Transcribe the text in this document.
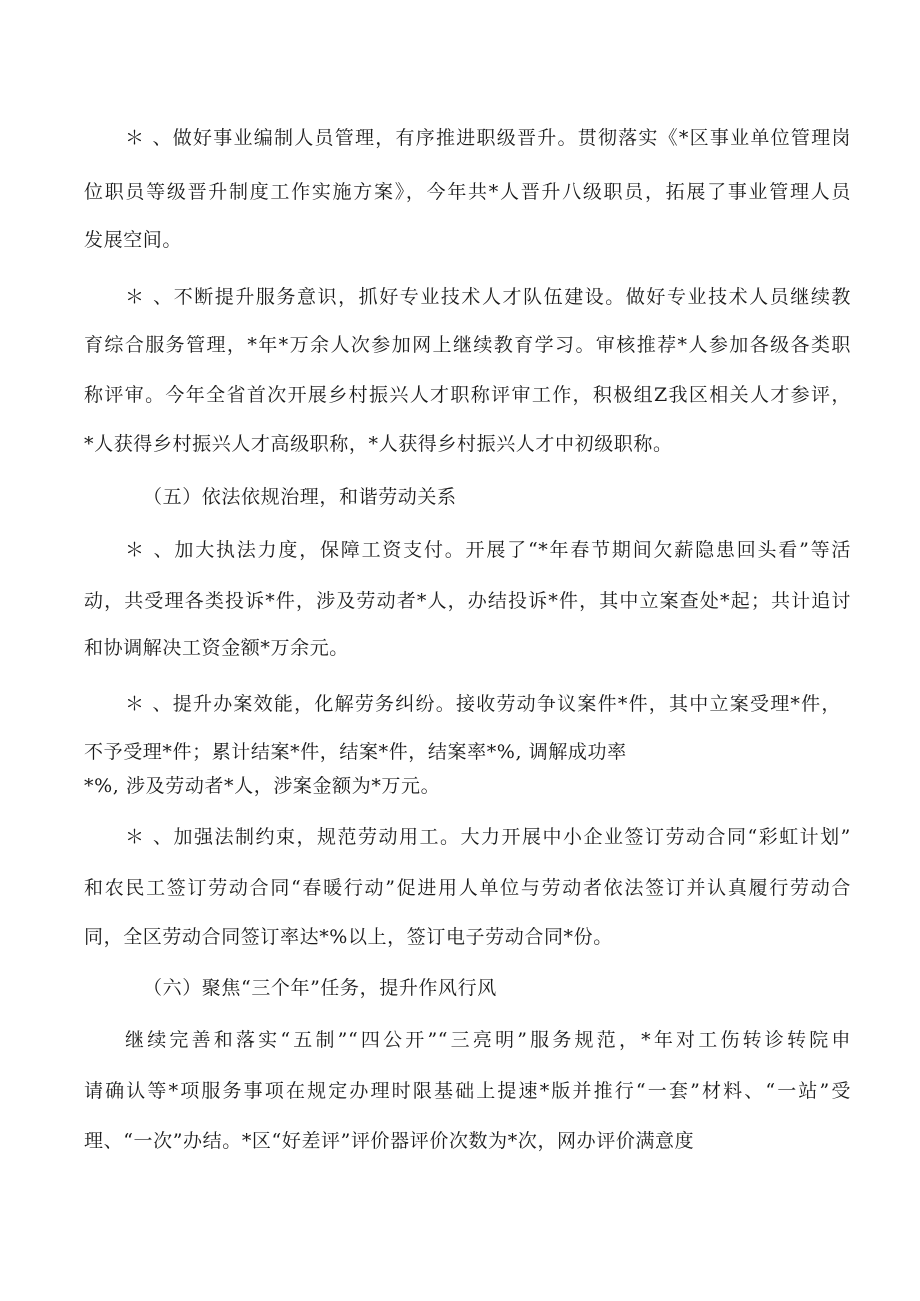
＊ 、做好事业编制人员管理，有序推进职级晋升。贯彻落实《*区事业单位管理岗
位职员等级晋升制度工作实施方案》，今年共*人晋升八级职员，拓展了事业管理人员
发展空间。
＊ 、不断提升服务意识，抓好专业技术人才队伍建设。做好专业技术人员继续教
育综合服务管理，*年*万余人次参加网上继续教育学习。审核推荐*人参加各级各类职
称评审。今年全省首次开展乡村振兴人才职称评审工作，积极组Z我区相关人才参评，
*人获得乡村振兴人才高级职称，*人获得乡村振兴人才中初级职称。
（五）依法依规治理，和谐劳动关系
＊ 、加大执法力度，保障工资支付。开展了“*年春节期间欠薪隐患回头看”等活
动，共受理各类投诉*件，涉及劳动者*人，办结投诉*件，其中立案查处*起；共计追讨
和协调解决工资金额*万余元。
＊ 、提升办案效能，化解劳务纠纷。接收劳动争议案件*件，其中立案受理*件，
不予受理*件；累计结案*件，结案*件，结案率*%, 调解成功率
*%, 涉及劳动者*人，涉案金额为*万元。
＊ 、加强法制约束，规范劳动用工。大力开展中小企业签订劳动合同“彩虹计划”
和农民工签订劳动合同“春暖行动”促进用人单位与劳动者依法签订并认真履行劳动合
同，全区劳动合同签订率达*%以上，签订电子劳动合同*份。
（六）聚焦“三个年”任务，提升作风行风
继续完善和落实“五制”“四公开”“三亮明”服务规范，*年对工伤转诊转院申
请确认等*项服务事项在规定办理时限基础上提速*版并推行“一套”材料、“一站”受
理、“一次”办结。*区“好差评”评价器评价次数为*次，网办评价满意度
